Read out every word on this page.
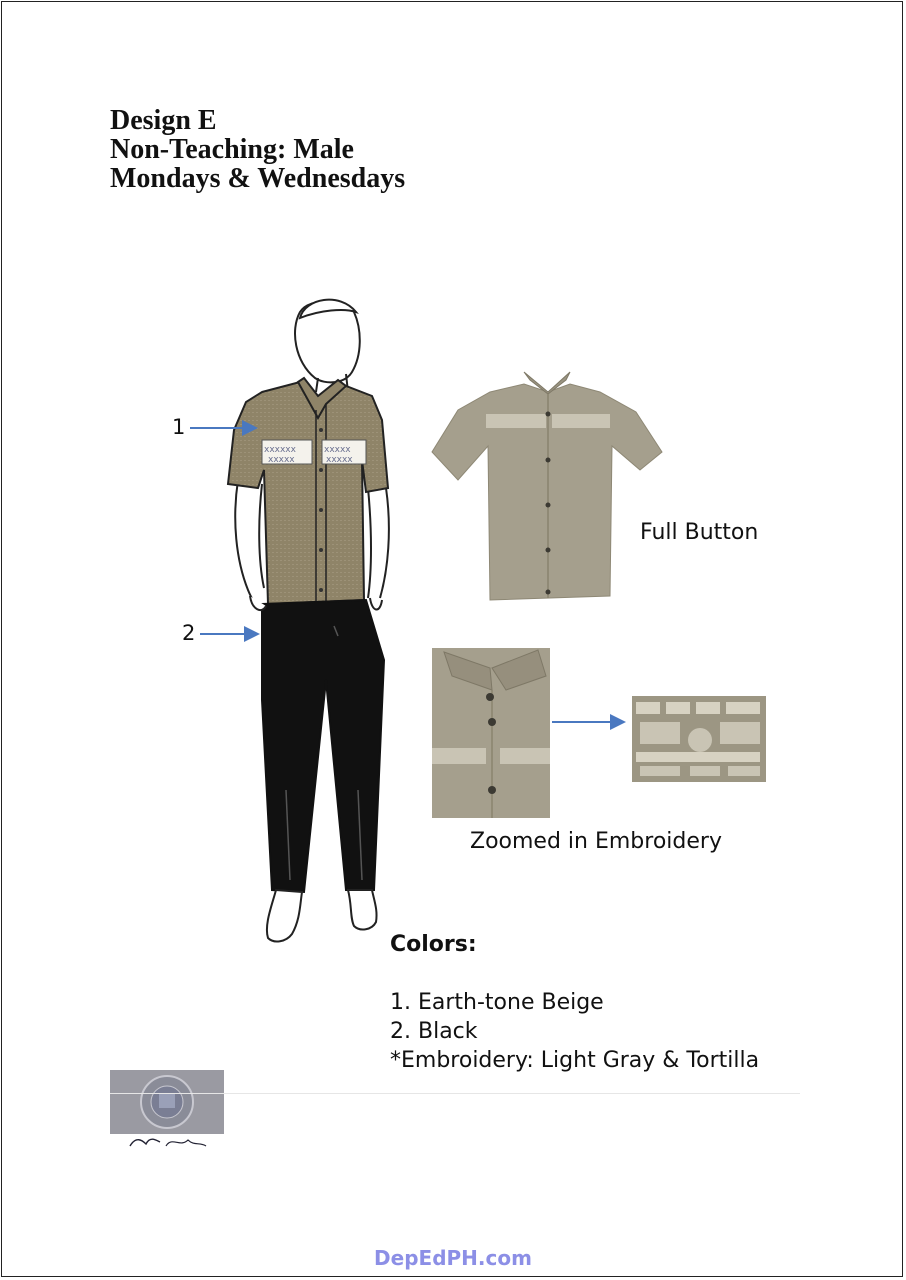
Design E
Non-Teaching: Male
Mondays & Wednesdays
xxxxxx
xxxxx
xxxxx
xxxxx
1
2
Full Button
Zoomed in Embroidery
Colors:
1. Earth-tone Beige
2. Black
*Embroidery: Light Gray & Tortilla
DepEdPH.com
